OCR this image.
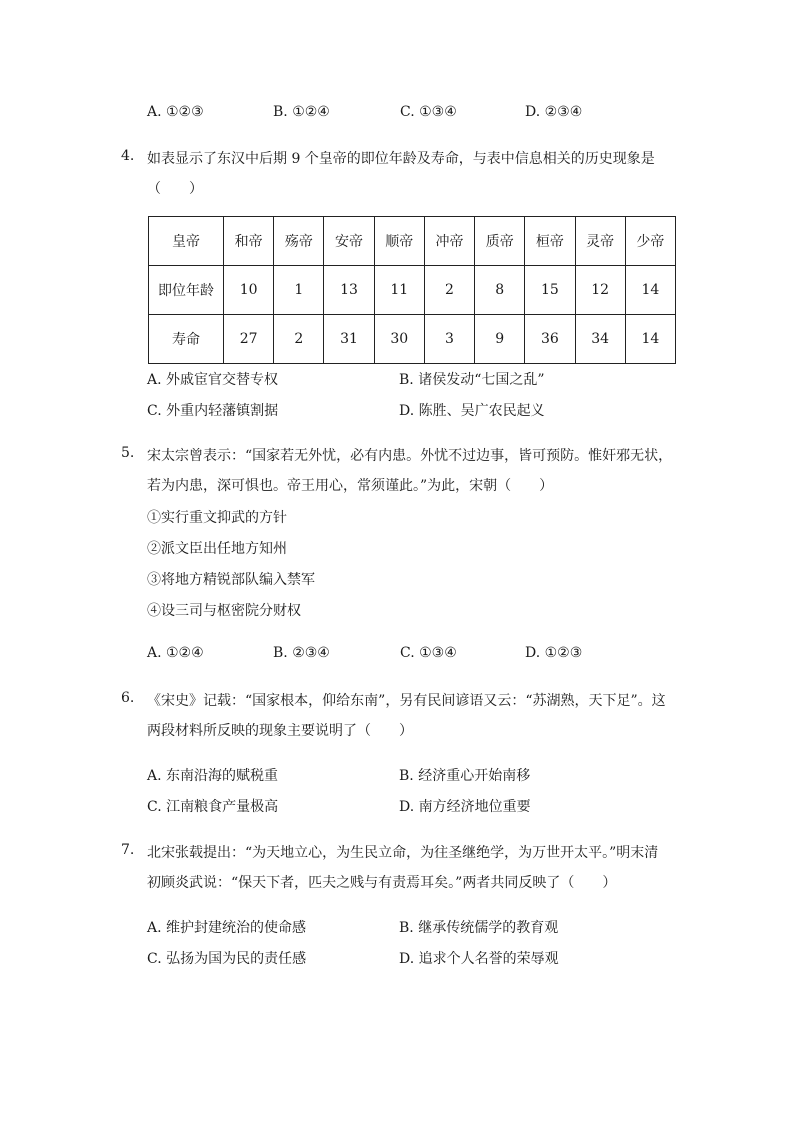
A. ①②③	B. ①②④	C. ①③④	D. ②③④
4. 如表显示了东汉中后期 9 个皇帝的即位年龄及寿命，与表中信息相关的历史现象是
（　　）
皇帝	和帝	殇帝	安帝	顺帝	冲帝	质帝	桓帝	灵帝	少帝
即位年龄	10	1	13	11	2	8	15	12	14
寿命	27	2	31	30	3	9	36	34	14
A. 外戚宦官交替专权	B. 诸侯发动“七国之乱”
C. 外重内轻藩镇割据	D. 陈胜、吴广农民起义
5. 宋太宗曾表示：“国家若无外忧，必有内患。外忧不过边事，皆可预防。惟奸邪无状，
若为内患，深可惧也。帝王用心，常须谨此。”为此，宋朝（　　）
①实行重文抑武的方针
②派文臣出任地方知州
③将地方精锐部队编入禁军
④设三司与枢密院分财权
A. ①②④	B. ②③④	C. ①③④	D. ①②③
6. 《宋史》记载：“国家根本，仰给东南”，另有民间谚语又云：“苏湖熟，天下足”。这
两段材料所反映的现象主要说明了（　　）
A. 东南沿海的赋税重	B. 经济重心开始南移
C. 江南粮食产量极高	D. 南方经济地位重要
7. 北宋张载提出：“为天地立心，为生民立命，为往圣继绝学，为万世开太平。”明末清
初顾炎武说：“保天下者，匹夫之贱与有责焉耳矣。”两者共同反映了（　　）
A. 维护封建统治的使命感	B. 继承传统儒学的教育观
C. 弘扬为国为民的责任感	D. 追求个人名誉的荣辱观
